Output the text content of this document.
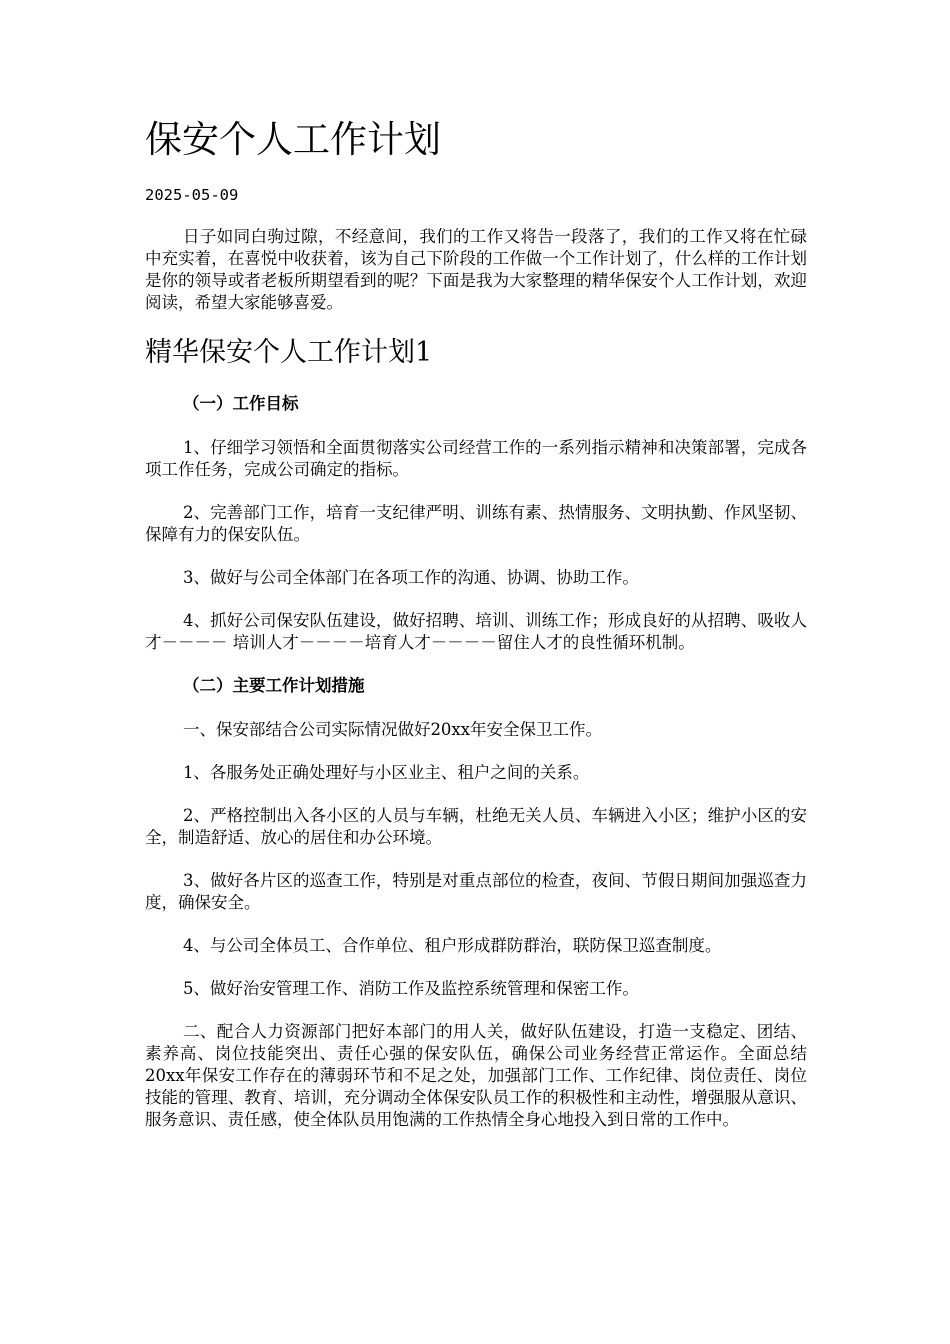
保安个人工作计划
2025-05-09

日子如同白驹过隙，不经意间，我们的工作又将告一段落了，我们的工作又将在忙碌中充实着，在喜悦中收获着，该为自己下阶段的工作做一个工作计划了，什么样的工作计划是你的领导或者老板所期望看到的呢？下面是我为大家整理的精华保安个人工作计划，欢迎阅读，希望大家能够喜爱。

精华保安个人工作计划1
（一）工作目标

1、仔细学习领悟和全面贯彻落实公司经营工作的一系列指示精神和决策部署，完成各项工作任务，完成公司确定的指标。

2、完善部门工作，培育一支纪律严明、训练有素、热情服务、文明执勤、作风坚韧、保障有力的保安队伍。

3、做好与公司全体部门在各项工作的沟通、协调、协助工作。

4、抓好公司保安队伍建设，做好招聘、培训、训练工作；形成良好的从招聘、吸收人才－－－－ 培训人才－－－－培育人才－－－－留住人才的良性循环机制。

（二）主要工作计划措施

一、保安部结合公司实际情况做好20xx年安全保卫工作。

1、各服务处正确处理好与小区业主、租户之间的关系。

2、严格控制出入各小区的人员与车辆，杜绝无关人员、车辆进入小区；维护小区的安全，制造舒适、放心的居住和办公环境。

3、做好各片区的巡查工作，特别是对重点部位的检查，夜间、节假日期间加强巡查力度，确保安全。

4、与公司全体员工、合作单位、租户形成群防群治，联防保卫巡查制度。

5、做好治安管理工作、消防工作及监控系统管理和保密工作。

二、配合人力资源部门把好本部门的用人关，做好队伍建设，打造一支稳定、团结、素养高、岗位技能突出、责任心强的保安队伍，确保公司业务经营正常运作。全面总结20xx年保安工作存在的薄弱环节和不足之处，加强部门工作、工作纪律、岗位责任、岗位技能的管理、教育、培训，充分调动全体保安队员工作的积极性和主动性，增强服从意识、服务意识、责任感，使全体队员用饱满的工作热情全身心地投入到日常的工作中。
